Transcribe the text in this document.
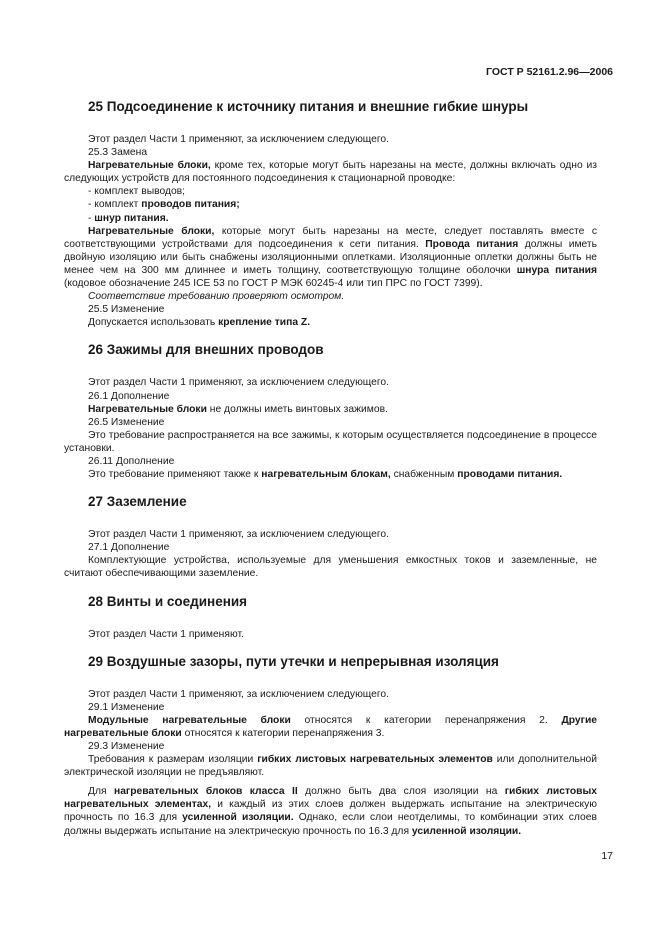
ГОСТ Р 52161.2.96—2006
25 Подсоединение к источнику питания и внешние гибкие шнуры

Этот раздел Части 1 применяют, за исключением следующего.

25.3 Замена

Нагревательные блоки, кроме тех, которые могут быть нарезаны на месте, должны включать одно из следующих устройств для постоянного подсоединения к стационарной проводке:

- комплект выводов;

- комплект проводов питания;

- шнур питания.

Нагревательные блоки, которые могут быть нарезаны на месте, следует поставлять вместе с соответствующими устройствами для подсоединения к сети питания. Провода питания должны иметь двойную изоляцию или быть снабжены изоляционными оплетками. Изоляционные оплетки должны быть не менее чем на 300 мм длиннее и иметь толщину, соответствующую толщине оболочки шнура питания (кодовое обозначение 245 ICE 53 по ГОСТ Р МЭК 60245-4 или тип ПРС по ГОСТ 7399).

Соответствие требованию проверяют осмотром.

25.5 Изменение

Допускается использовать крепление типа Z.

26 Зажимы для внешних проводов

Этот раздел Части 1 применяют, за исключением следующего.

26.1 Дополнение

Нагревательные блоки не должны иметь винтовых зажимов.

26.5 Изменение

Это требование распространяется на все зажимы, к которым осуществляется подсоединение в процессе установки.

26.11 Дополнение

Это требование применяют также к нагревательным блокам, снабженным проводами питания.

27 Заземление

Этот раздел Части 1 применяют, за исключением следующего.

27.1 Дополнение

Комплектующие устройства, используемые для уменьшения емкостных токов и заземленные, не считают обеспечивающими заземление.

28 Винты и соединения

Этот раздел Части 1 применяют.

29 Воздушные зазоры, пути утечки и непрерывная изоляция

Этот раздел Части 1 применяют, за исключением следующего.

29.1 Изменение

Модульные нагревательные блоки относятся к категории перенапряжения 2. Другие нагревательные блоки относятся к категории перенапряжения 3.

29.3 Изменение

Требования к размерам изоляции гибких листовых нагревательных элементов или дополнительной электрической изоляции не предъявляют.

Для нагревательных блоков класса II должно быть два слоя изоляции на гибких листовых нагревательных элементах, и каждый из этих слоев должен выдержать испытание на электрическую прочность по 16.3 для усиленной изоляции. Однако, если слои неотделимы, то комбинации этих слоев должны выдержать испытание на электрическую прочность по 16.3 для усиленной изоляции.

17
